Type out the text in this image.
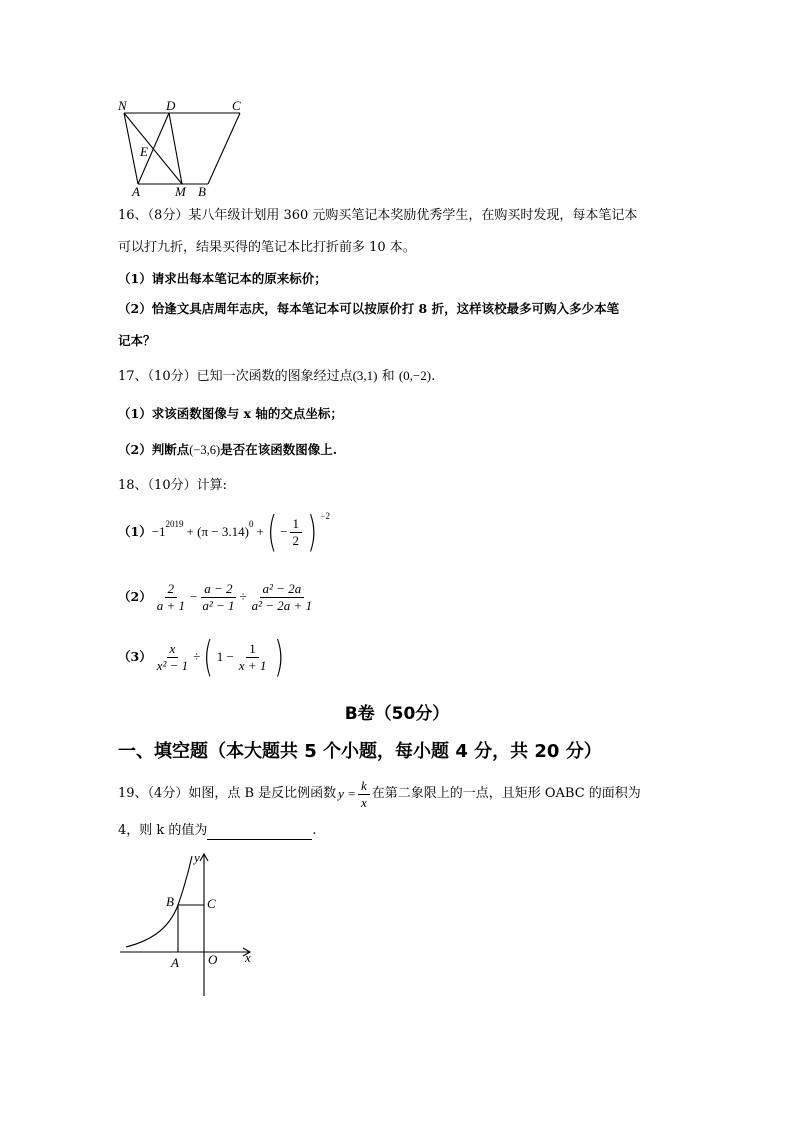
N	D	C
E
A	M B
16、（8分）某八年级计划用 360 元购买笔记本奖励优秀学生，在购买时发现，每本笔记本
可以打九折，结果买得的笔记本比打折前多 10 本。
（1）请求出每本笔记本的原来标价；
（2）恰逢文具店周年志庆，每本笔记本可以按原价打 8 折，这样该校最多可购入多少本笔
记本？
17、（10分）已知一次函数的图象经过点(3,1) 和 (0,−2).
（1）求该函数图像与 x 轴的交点坐标；
（2）判断点(−3,6)是否在该函数图像上.
18、（10分）计算:
$(1) -1^{2019} + (\pi - 3.14)^0$ + ( − $\frac{1}{2}$ ) $^{-2}$
$(2) \frac{2}{a + 1} - \frac{a - 2}{\text{a² − 1}} \div \frac{\text{a² − 2a}}{\text{a² − 2a + 1}}$
$(3) \frac{x}{\text{x² − 1}}$ ÷ ( $1 - \frac{1}{x + 1}$ )
B卷（50分）
一、填空题（本大题共 5 个小题，每小题 4 分，共 20 分）
19、（4分）如图，点 B 是反比例函数 $y = \frac{k}{x}$ 在第二象限上的一点，且矩形 OABC 的面积为
4，则 k 的值为	.
y
B	C
A O x
